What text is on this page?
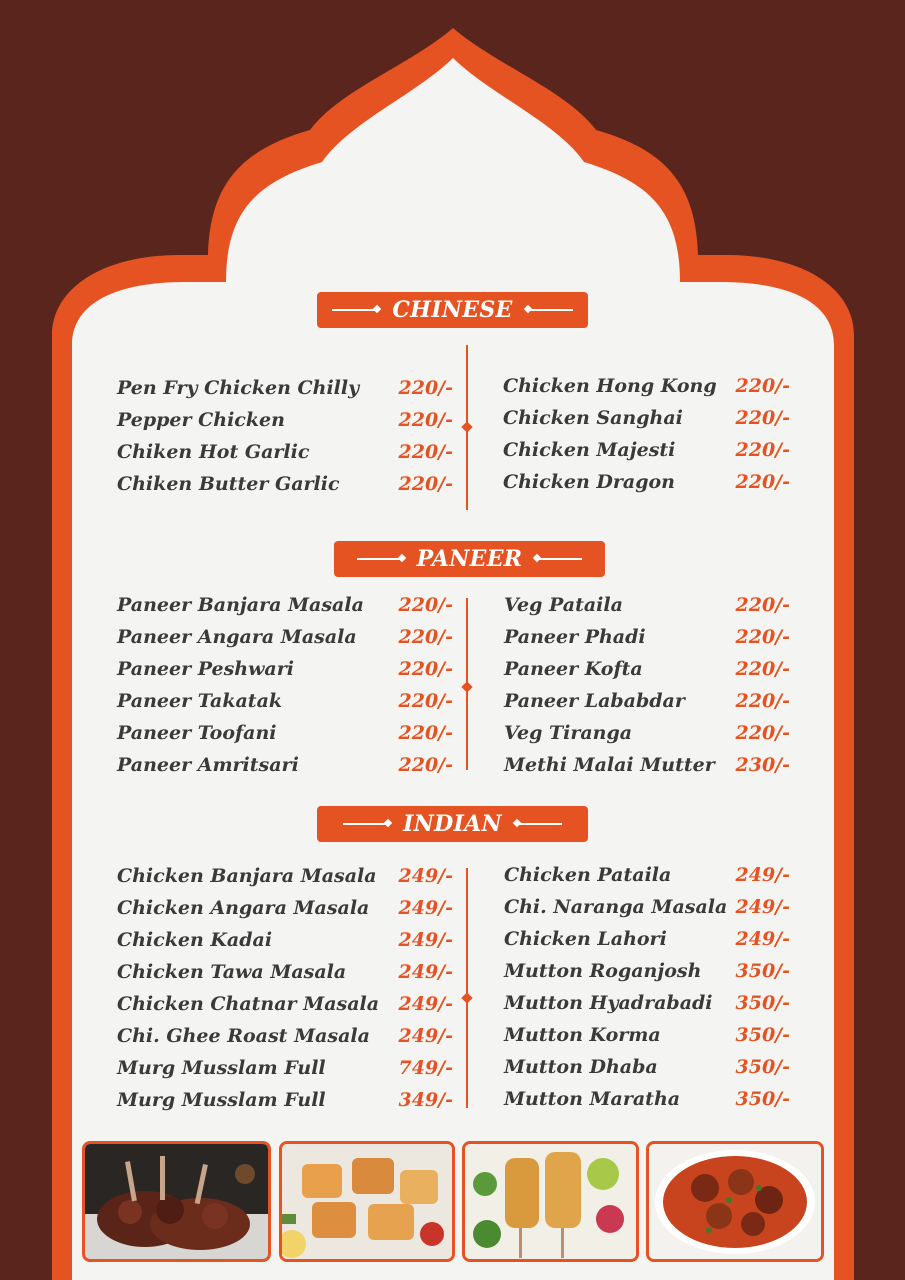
CHINESE
Pen Fry Chicken Chilly 220/-
Pepper Chicken	220/-
Chiken Hot Garlic	220/-
Chiken Butter Garlic	220/-
Chicken Hong Kong 220/-
Chicken Sanghai	220/-
Chicken Majesti	220/-
Chicken Dragon	220/-
PANEER
Paneer Banjara Masala 220/-
Paneer Angara Masala 220/-
Paneer Peshwari	220/-
Paneer Takatak	220/-
Paneer Toofani	220/-
Paneer Amritsari	220/-
Veg Pataila	220/-
Paneer Phadi	220/-
Paneer Kofta	220/-
Paneer Lababdar	220/-
Veg Tiranga	220/-
Methi Malai Mutter 230/-
INDIAN
Chicken Banjara Masala 249/-
Chicken Angara Masala 249/-
Chicken Kadai	249/-
Chicken Tawa Masala	249/-
Chicken Chatnar Masala 249/-
Chi. Ghee Roast Masala 249/-
Murg Musslam Full	749/-
Murg Musslam Full	349/-
Chicken Pataila	249/-
Chi. Naranga Masala 249/-
Chicken Lahori	249/-
Mutton Roganjosh 350/-
Mutton Hyadrabadi 350/-
Mutton Korma	350/-
Mutton Dhaba	350/-
Mutton Maratha	350/-
